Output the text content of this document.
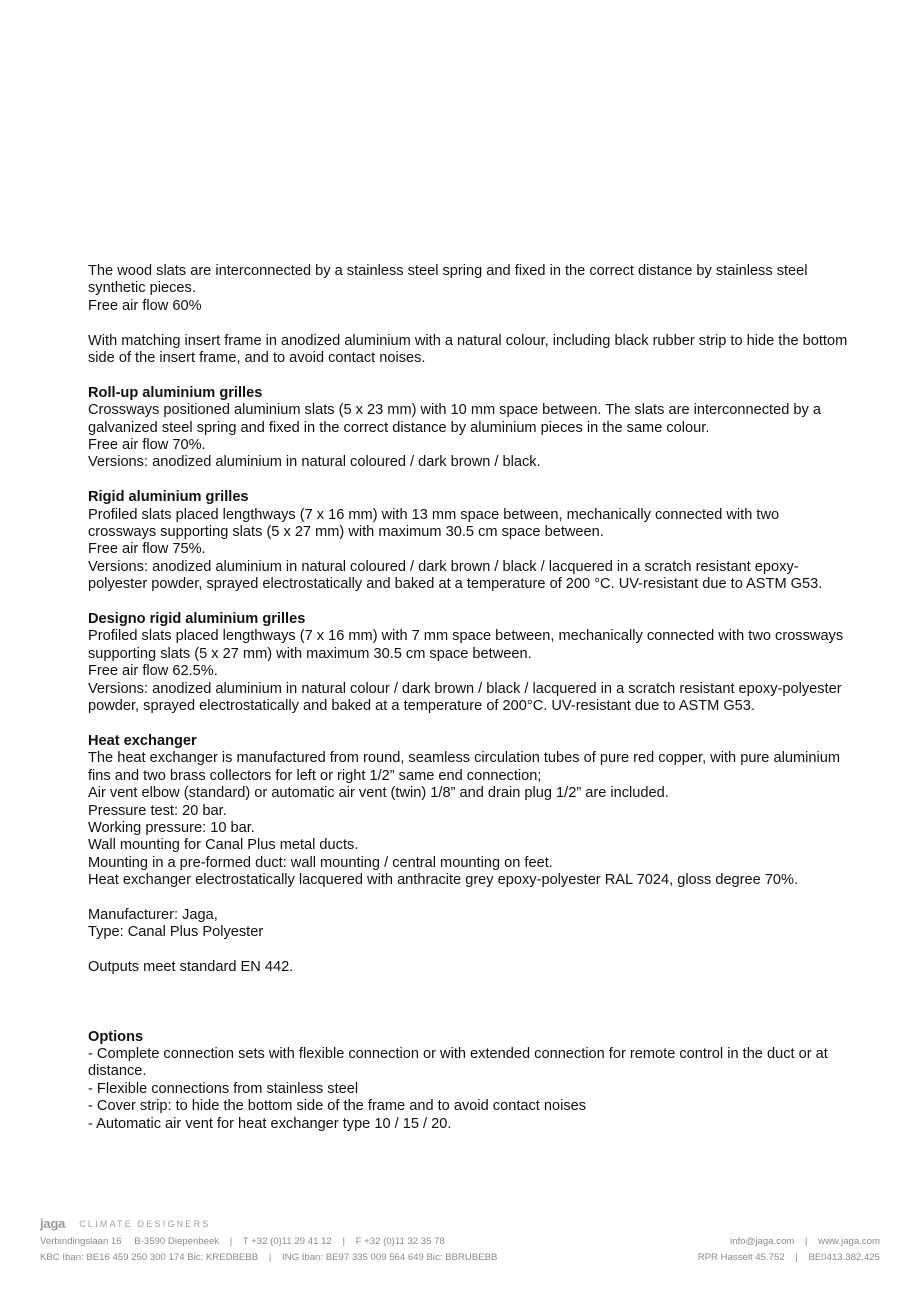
The wood slats are interconnected by a stainless steel spring and fixed in the correct distance by stainless steel synthetic pieces.

Free air flow 60%

With matching insert frame in anodized aluminium with a natural colour, including black rubber strip to hide the bottom side of the insert frame, and to avoid contact noises.

Roll-up aluminium grilles

Crossways positioned aluminium slats (5 x 23 mm) with 10 mm space between. The slats are interconnected by a galvanized steel spring and fixed in the correct distance by aluminium pieces in the same colour.

Free air flow 70%.

Versions: anodized aluminium in natural coloured / dark brown / black.

Rigid aluminium grilles

Profiled slats placed lengthways (7 x 16 mm) with 13 mm space between, mechanically connected with two crossways supporting slats (5 x 27 mm) with maximum 30.5 cm space between.

Free air flow 75%.

Versions: anodized aluminium in natural coloured / dark brown / black / lacquered in a scratch resistant epoxy-polyester powder, sprayed electrostatically and baked at a temperature of 200 °C. UV-resistant due to ASTM G53.

Designo rigid aluminium grilles

Profiled slats placed lengthways (7 x 16 mm) with 7 mm space between, mechanically connected with two crossways supporting slats (5 x 27 mm) with maximum 30.5 cm space between.

Free air flow 62.5%.

Versions: anodized aluminium in natural colour / dark brown / black / lacquered in a scratch resistant epoxy-polyester powder, sprayed electrostatically and baked at a temperature of 200°C. UV-resistant due to ASTM G53.

Heat exchanger

The heat exchanger is manufactured from round, seamless circulation tubes of pure red copper, with pure aluminium fins and two brass collectors for left or right 1/2” same end connection;

Air vent elbow (standard) or automatic air vent (twin) 1/8” and drain plug 1/2” are included.

Pressure test: 20 bar.

Working pressure: 10 bar.

Wall mounting for Canal Plus metal ducts.

Mounting in a pre-formed duct: wall mounting / central mounting on feet.

Heat exchanger electrostatically lacquered with anthracite grey epoxy-polyester RAL 7024, gloss degree 70%.

Manufacturer: Jaga,

Type: Canal Plus Polyester

Outputs meet standard EN 442.

Options

- Complete connection sets with flexible connection or with extended connection for remote control in the duct or at distance.

- Flexible connections from stainless steel

- Cover strip: to hide the bottom side of the frame and to avoid contact noises

- Automatic air vent for heat exchanger type 10 / 15 / 20.

jaga CLIMATE DESIGNERS
Verbindingslaan 16 B-3590 Diepenbeek | T +32 (0)11 29 41 12 | F +32 (0)11 32 35 78	info@jaga.com | www.jaga.com
KBC Iban: BE16 459 250 300 174 Bic: KREDBEBB | ING Iban: BE97 335 009 564 649 Bic: BBRUBEBB	RPR Hasselt 45.752 | BE0413.382.425
